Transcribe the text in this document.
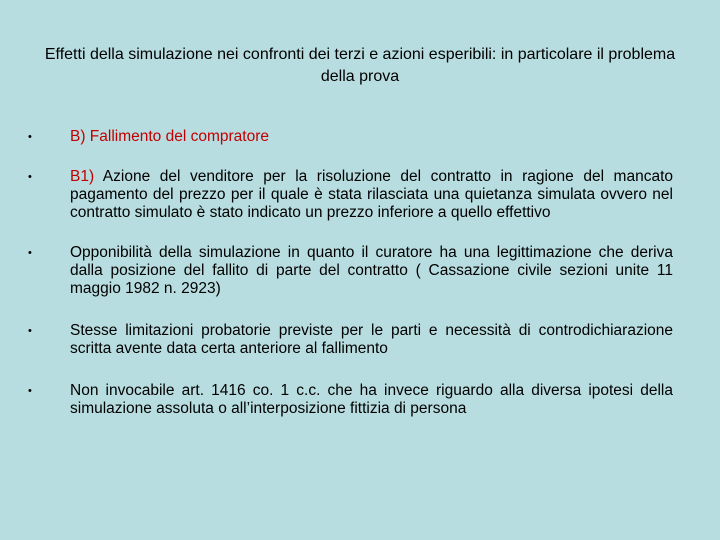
Effetti della simulazione nei confronti dei terzi e azioni esperibili: in particolare il problema della prova
•	B) Fallimento del compratore
•	B1) Azione del venditore per la risoluzione del contratto in ragione del mancato pagamento del prezzo per il quale è stata rilasciata una quietanza simulata ovvero nel contratto simulato è stato indicato un prezzo inferiore a quello effettivo
•	Opponibilità della simulazione in quanto il curatore ha una legittimazione che deriva dalla posizione del fallito di parte del contratto ( Cassazione civile sezioni unite 11 maggio 1982 n. 2923)
•	Stesse limitazioni probatorie previste per le parti e necessità di controdichiarazione scritta avente data certa anteriore al fallimento
•	Non invocabile art. 1416 co. 1 c.c. che ha invece riguardo alla diversa ipotesi della simulazione assoluta o all’interposizione fittizia di persona
